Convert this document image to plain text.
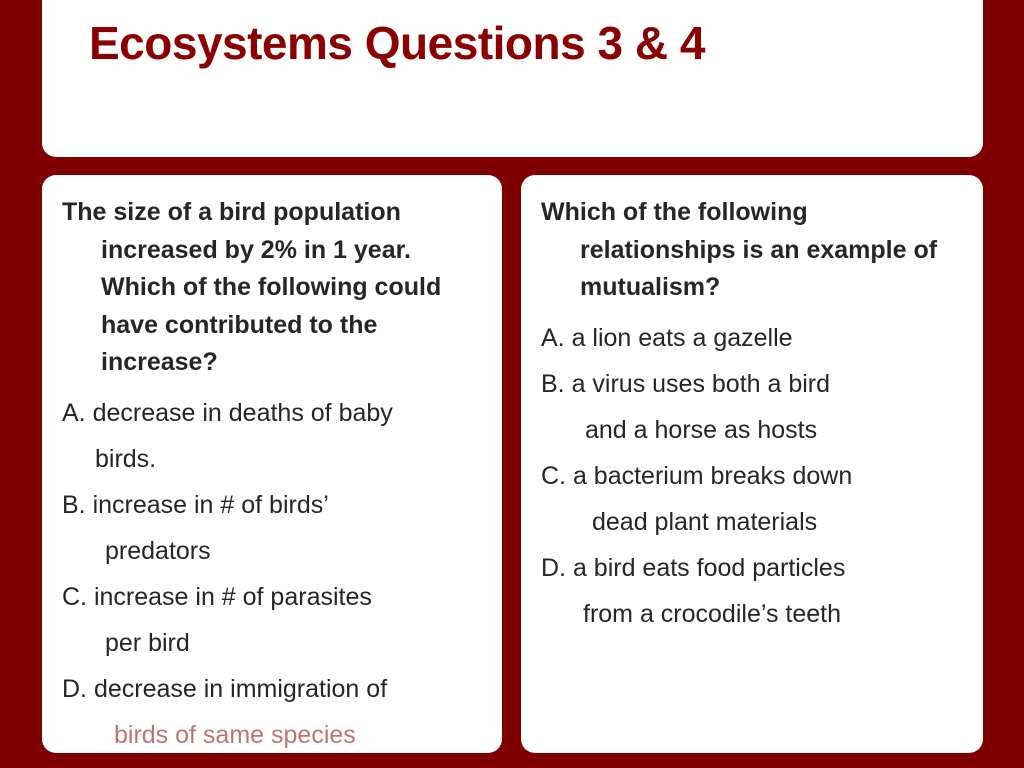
Ecosystems Questions 3 & 4

The size of a bird population increased by 2% in 1 year. Which of the following could have contributed to the increase?

A. decrease in deaths of baby
birds.

B. increase in # of birds’
predators

C. increase in # of parasites
per bird

D. decrease in immigration of
birds of same species

Which of the following relationships is an example of mutualism?

A. a lion eats a gazelle

B. a virus uses both a bird
and a horse as hosts

C. a bacterium breaks down
dead plant materials

D. a bird eats food particles
from a crocodile’s teeth
